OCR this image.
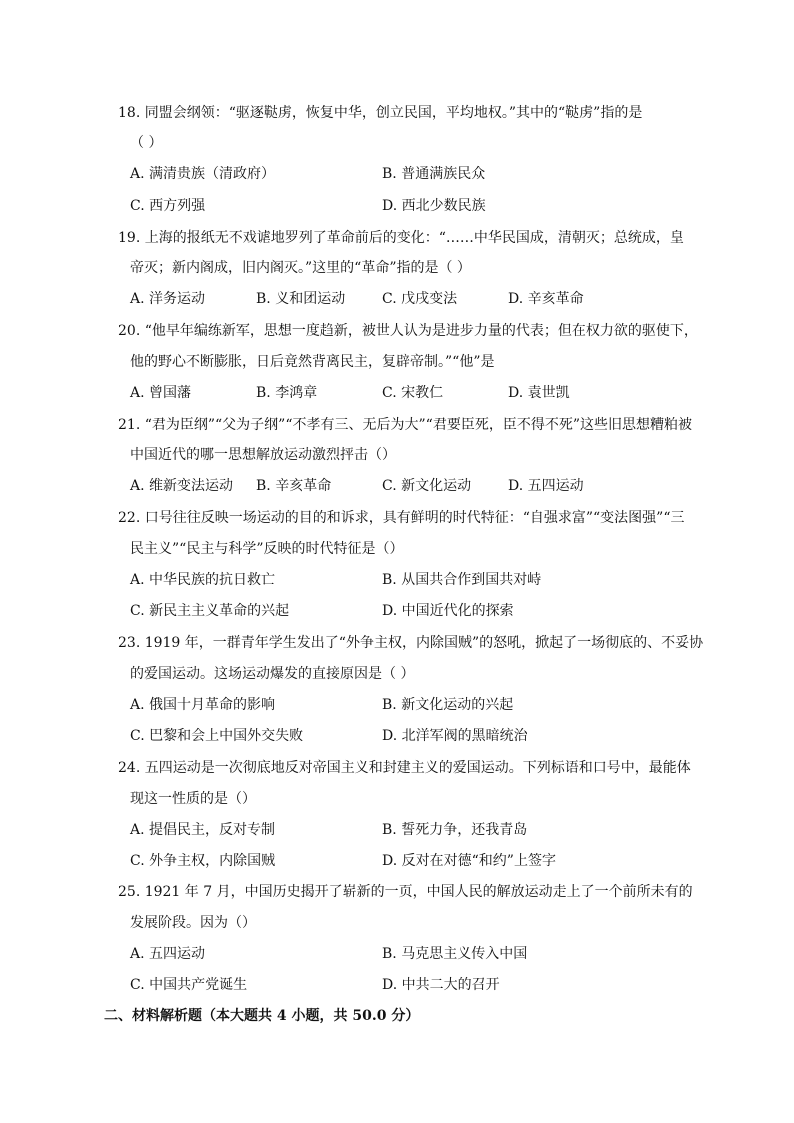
18. 同盟会纲领：“驱逐鞑虏，恢复中华，创立民国，平均地权。”其中的“鞑虏”指的是
（ ）
A. 满清贵族（清政府）	B. 普通满族民众
C. 西方列强	D. 西北少数民族
19. 上海的报纸无不戏谑地罗列了革命前后的变化：“……中华民国成，清朝灭；总统成，皇
帝灭；新内阁成，旧内阁灭。”这里的“革命”指的是（ ）
A. 洋务运动	B. 义和团运动	C. 戊戌变法	D. 辛亥革命
20. “他早年编练新军，思想一度趋新，被世人认为是进步力量的代表；但在权力欲的驱使下，
他的野心不断膨胀，日后竟然背离民主，复辟帝制。”“他”是
A. 曾国藩	B. 李鸿章	C. 宋教仁	D. 袁世凯
21. “君为臣纲”“父为子纲”“不孝有三、无后为大”“君要臣死，臣不得不死”这些旧思想糟粕被
中国近代的哪一思想解放运动激烈抨击（）
A. 维新变法运动 B. 辛亥革命	C. 新文化运动	D. 五四运动
22. 口号往往反映一场运动的目的和诉求，具有鲜明的时代特征：“自强求富”“变法图强”“三
民主义”“民主与科学”反映的时代特征是（）
A. 中华民族的抗日救亡	B. 从国共合作到国共对峙
C. 新民主主义革命的兴起	D. 中国近代化的探索
23. 1919 年，一群青年学生发出了“外争主权，内除国贼”的怒吼，掀起了一场彻底的、不妥协
的爱国运动。这场运动爆发的直接原因是（ ）
A. 俄国十月革命的影响	B. 新文化运动的兴起
C. 巴黎和会上中国外交失败	D. 北洋军阀的黑暗统治
24. 五四运动是一次彻底地反对帝国主义和封建主义的爱国运动。下列标语和口号中，最能体
现这一性质的是（）
A. 提倡民主，反对专制	B. 誓死力争，还我青岛
C. 外争主权，内除国贼	D. 反对在对德“和约”上签字
25. 1921 年 7 月，中国历史揭开了崭新的一页，中国人民的解放运动走上了一个前所未有的
发展阶段。因为（）
A. 五四运动	B. 马克思主义传入中国
C. 中国共产党诞生	D. 中共二大的召开
二、材料解析题（本大题共 4 小题，共 50.0 分）
